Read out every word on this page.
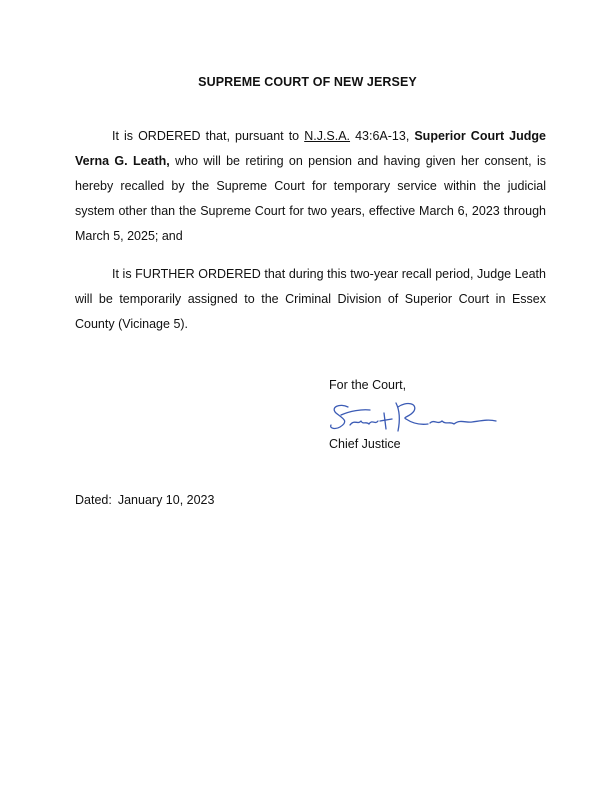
SUPREME COURT OF NEW JERSEY
It is ORDERED that, pursuant to N.J.S.A. 43:6A-13, Superior Court Judge Verna G. Leath, who will be retiring on pension and having given her consent, is hereby recalled by the Supreme Court for temporary service within the judicial system other than the Supreme Court for two years, effective March 6, 2023 through March 5, 2025; and
It is FURTHER ORDERED that during this two-year recall period, Judge Leath will be temporarily assigned to the Criminal Division of Superior Court in Essex County (Vicinage 5).
For the Court,
Chief Justice
Dated: January 10, 2023
